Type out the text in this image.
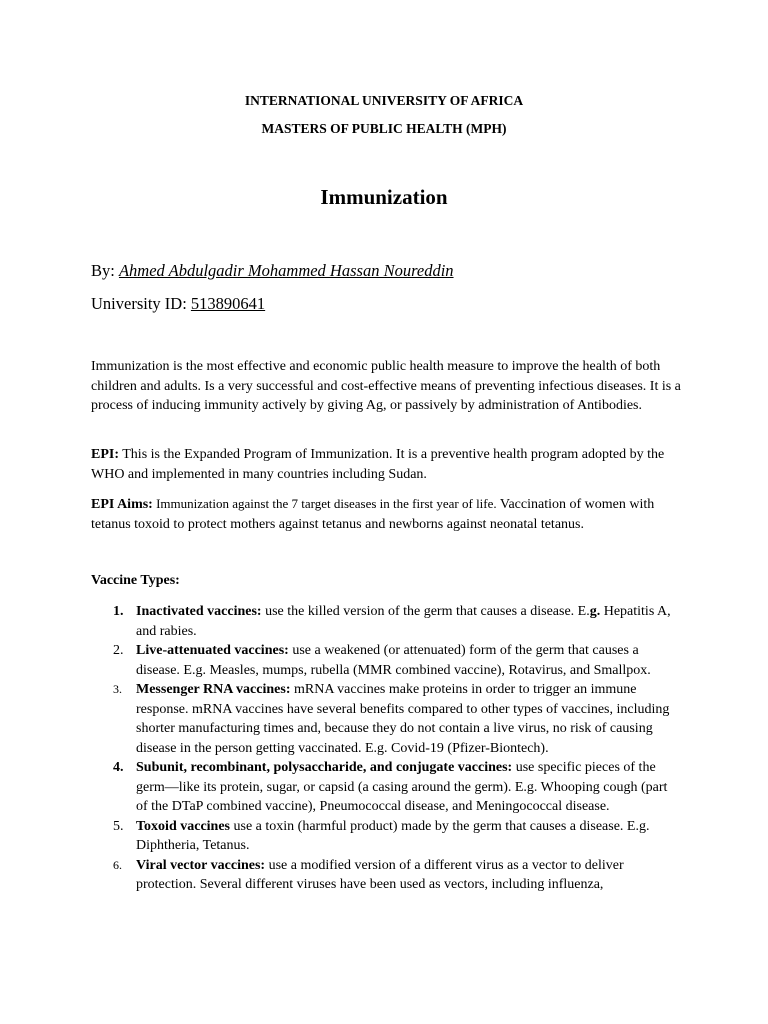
INTERNATIONAL UNIVERSITY OF AFRICA
MASTERS OF PUBLIC HEALTH (MPH)
Immunization
By: Ahmed Abdulgadir Mohammed Hassan Noureddin
University ID: 513890641

Immunization is the most effective and economic public health measure to improve the health of both children and adults. Is a very successful and cost-effective means of preventing infectious diseases. It is a process of inducing immunity actively by giving Ag, or passively by administration of Antibodies.

EPI: This is the Expanded Program of Immunization. It is a preventive health program adopted by the WHO and implemented in many countries including Sudan.

EPI Aims: Immunization against the 7 target diseases in the first year of life. Vaccination of women with tetanus toxoid to protect mothers against tetanus and newborns against neonatal tetanus.

Vaccine Types:
1. Inactivated vaccines: use the killed version of the germ that causes a disease. E.g. Hepatitis A, and rabies.
2. Live-attenuated vaccines: use a weakened (or attenuated) form of the germ that causes a disease. E.g. Measles, mumps, rubella (MMR combined vaccine), Rotavirus, and Smallpox.
3. Messenger RNA vaccines: mRNA vaccines make proteins in order to trigger an immune response. mRNA vaccines have several benefits compared to other types of vaccines, including shorter manufacturing times and, because they do not contain a live virus, no risk of causing disease in the person getting vaccinated. E.g. Covid-19 (Pfizer-Biontech).
4. Subunit, recombinant, polysaccharide, and conjugate vaccines: use specific pieces of the germ—like its protein, sugar, or capsid (a casing around the germ). E.g. Whooping cough (part of the DTaP combined vaccine), Pneumococcal disease, and Meningococcal disease.
5. Toxoid vaccines use a toxin (harmful product) made by the germ that causes a disease. E.g. Diphtheria, Tetanus.
6. Viral vector vaccines: use a modified version of a different virus as a vector to deliver protection. Several different viruses have been used as vectors, including influenza,
